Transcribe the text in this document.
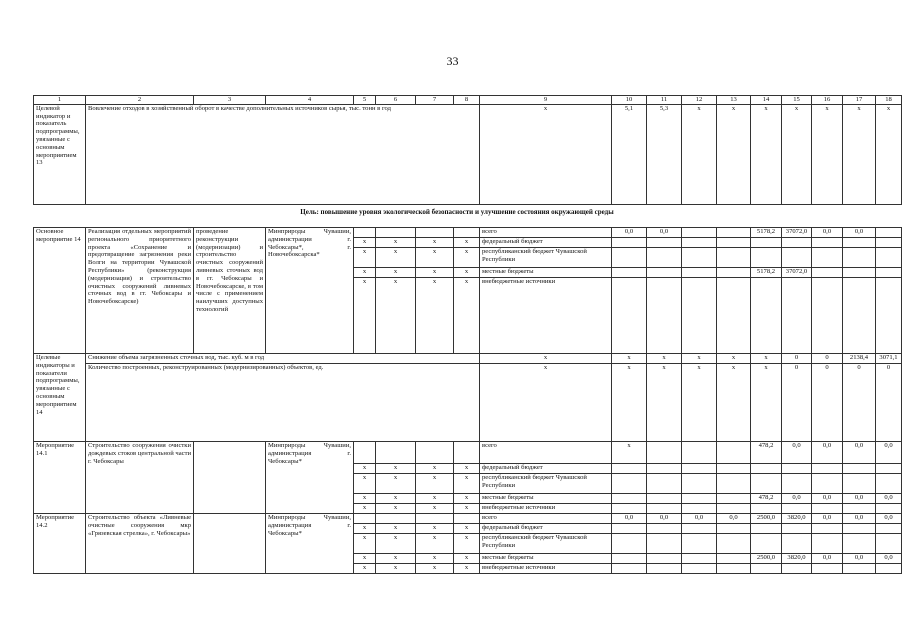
33
1	2	3	4	5	6	7	8	9	10	11	12	13	14	15	16	17	18
Целевой индикатор и показатель подпрограммы, увязанные с основным мероприятием 13	Вовлечение отходов в хозяйственный оборот в качестве дополнительных источников сырья, тыс. тонн в год							x	5,1	5,3	x	x	x	x	x	x	x
Цель: повышение уровня экологической безопасности и улучшение состояния окружающей среды
Основное мероприятие 14	Реализация отдельных мероприятий регионального приоритетного проекта «Сохранение и предотвращение загрязнения реки Волги на территории Чувашской Республики» (реконструкция (модернизация) и строительство очистных сооружений ливневых сточных вод в гг. Чебоксары и Новочебоксарске)	проведение реконструкции (модернизации) и строительство очистных сооружений ливневых сточных вод в гг. Чебоксары и Новочебоксарске, в том числе с применением наилучших доступных технологий	Минприроды Чувашии, администрации г. Чебоксары*, г. Новочебоксарска*					всего	0,0	0,0			5178,2	37072,0	0,0	0,0	
				x	x	x	x	федеральный бюджет									
				x	x	x	x	республиканский бюджет Чувашской Республики									
				x	x	x	x	местные бюджеты					5178,2	37072,0			
				x	x	x	x	внебюджетные источники									
Целевые индикаторы и показатели подпрограммы, увязанные с основным мероприятием 14	Снижение объема загрязненных сточных вод, тыс. куб. м в год							x	x	x	x	x	x	0	0	2138,4	3071,1
	Количество построенных, реконструированных (модернизированных) объектов, ед.							x	x	x	x	x	x	0	0	0	0
Мероприятие 14.1	Строительство сооружения очистки дождевых стоков центральной части г. Чебоксары		Минприроды Чувашии, администрация г. Чебоксары*					всего	x				478,2	0,0	0,0	0,0	0,0
				x	x	x	x	федеральный бюджет									
				x	x	x	x	республиканский бюджет Чувашской Республики									
				x	x	x	x	местные бюджеты					478,2	0,0	0,0	0,0	0,0
				x	x	x	x	внебюджетные источники									
Мероприятие 14.2	Строительство объекта «Ливневые очистные сооружения мкр «Грязевская стрелка», г. Чебоксары»		Минприроды Чувашии, администрация г. Чебоксары*					всего	0,0	0,0	0,0	0,0	2500,0	3820,0	0,0	0,0	0,0
				x	x	x	x	федеральный бюджет									
				x	x	x	x	республиканский бюджет Чувашской Республики									
				x	x	x	x	местные бюджеты					2500,0	3820,0	0,0	0,0	0,0
				x	x	x	x	внебюджетные источники									
